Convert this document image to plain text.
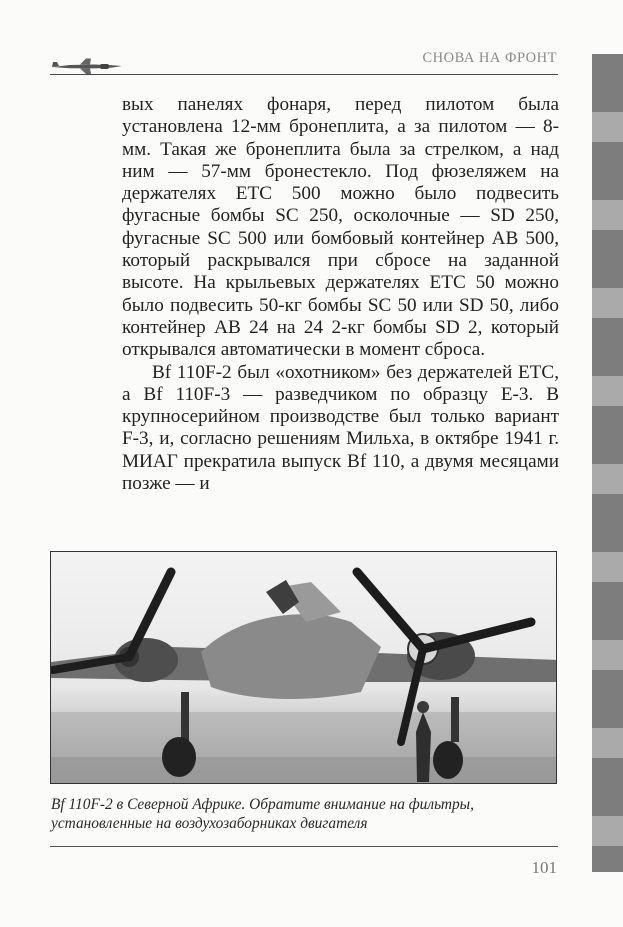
СНОВА НА ФРОНТ

вых панелях фонаря, перед пилотом была установлена 12-мм бронеплита, а за пилотом — 8-мм. Такая же бронеплита была за стрелком, а над ним — 57-мм бронестекло. Под фюзеляжем на держателях ETC 500 можно было подвесить фугасные бомбы SC 250, осколочные — SD 250, фугасные SC 500 или бомбовый контейнер AB 500, который раскрывался при сбросе на заданной высоте. На крыльевых держателях ETC 50 можно было подвесить 50-кг бомбы SC 50 или SD 50, либо контейнер AB 24 на 24 2-кг бомбы SD 2, который открывался автоматически в момент сброса.

Bf 110F-2 был «охотником» без держателей ETC, а Bf 110F-3 — разведчиком по образцу E-3. В крупносерийном производстве был только вариант F-3, и, согласно решениям Мильха, в октябре 1941 г. МИАГ прекратила выпуск Bf 110, а двумя месяцами позже — и

Bf 110F-2 в Северной Африке. Обратите внимание на фильтры, установленные на воздухозаборниках двигателя

101
